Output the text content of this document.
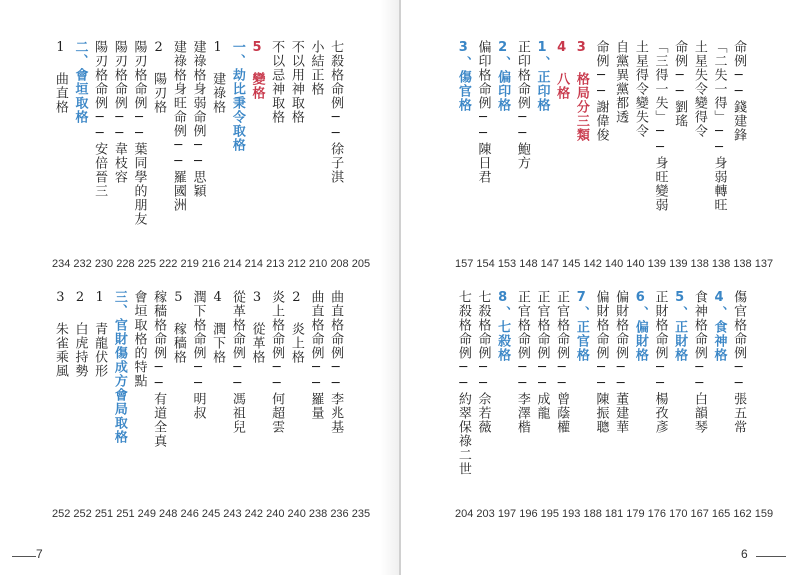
七殺格命例──徐子淇
小結正格
不以用神取格
不以忌神取格
5 變格
一、劫比秉令取格
1 建祿格
建祿格身弱命例──思穎
建祿格身旺命例──羅國洲
2 陽刃格
陽刃格命例──葉同學的朋友
陽刃格命例──韋枝容
陽刃格命例──安倍晉三
二、會垣取格
1 曲直格
234 232 230 228 225 222 219 216 214 214 213 212 210 208 205
曲直格命例──李兆基
曲直格命例──羅量
2 炎上格
炎上格命例──何超雲
3 從革格
從革格命例──馮祖兒
4 潤下格
潤下格命例──明叔
5 稼穡格
稼穡格命例──有道全真
會垣取格的特點
三、官財傷成方會局取格
1 青龍伏形
2 白虎持勢
3 朱雀乘風
252 252 251 251 249 248 246 245 243 242 240 240 238 236 235
7
命例──錢建鋒
「二失一得」──身弱轉旺
土星失令變得令
命例──劉瑤
「三得一失」──身旺變弱
土星得令變失令
自黨異黨都透
命例──謝偉俊
3 格局分三類
4 八格
1、正印格
正印格命例──鮑方
2、偏印格
偏印格命例──陳日君
3、傷官格
157 154 153 148 147 145 142 140 140 139 139 138 138 138 137
傷官格命例──張五常
4、食神格
食神格命例──白韻琴
5、正財格
正財格命例──楊孜彥
6、偏財格
偏財格命例──董建華
偏財格命例──陳振聰
7、正官格
正官格命例──曾蔭權
正官格命例──成龍
正官格命例──李澤楷
8、七殺格
七殺格命例──佘若薇
七殺格命例──約翠保祿二世
204 203 197 196 195 193 188 181 179 176 170 167 165 162 159
6
